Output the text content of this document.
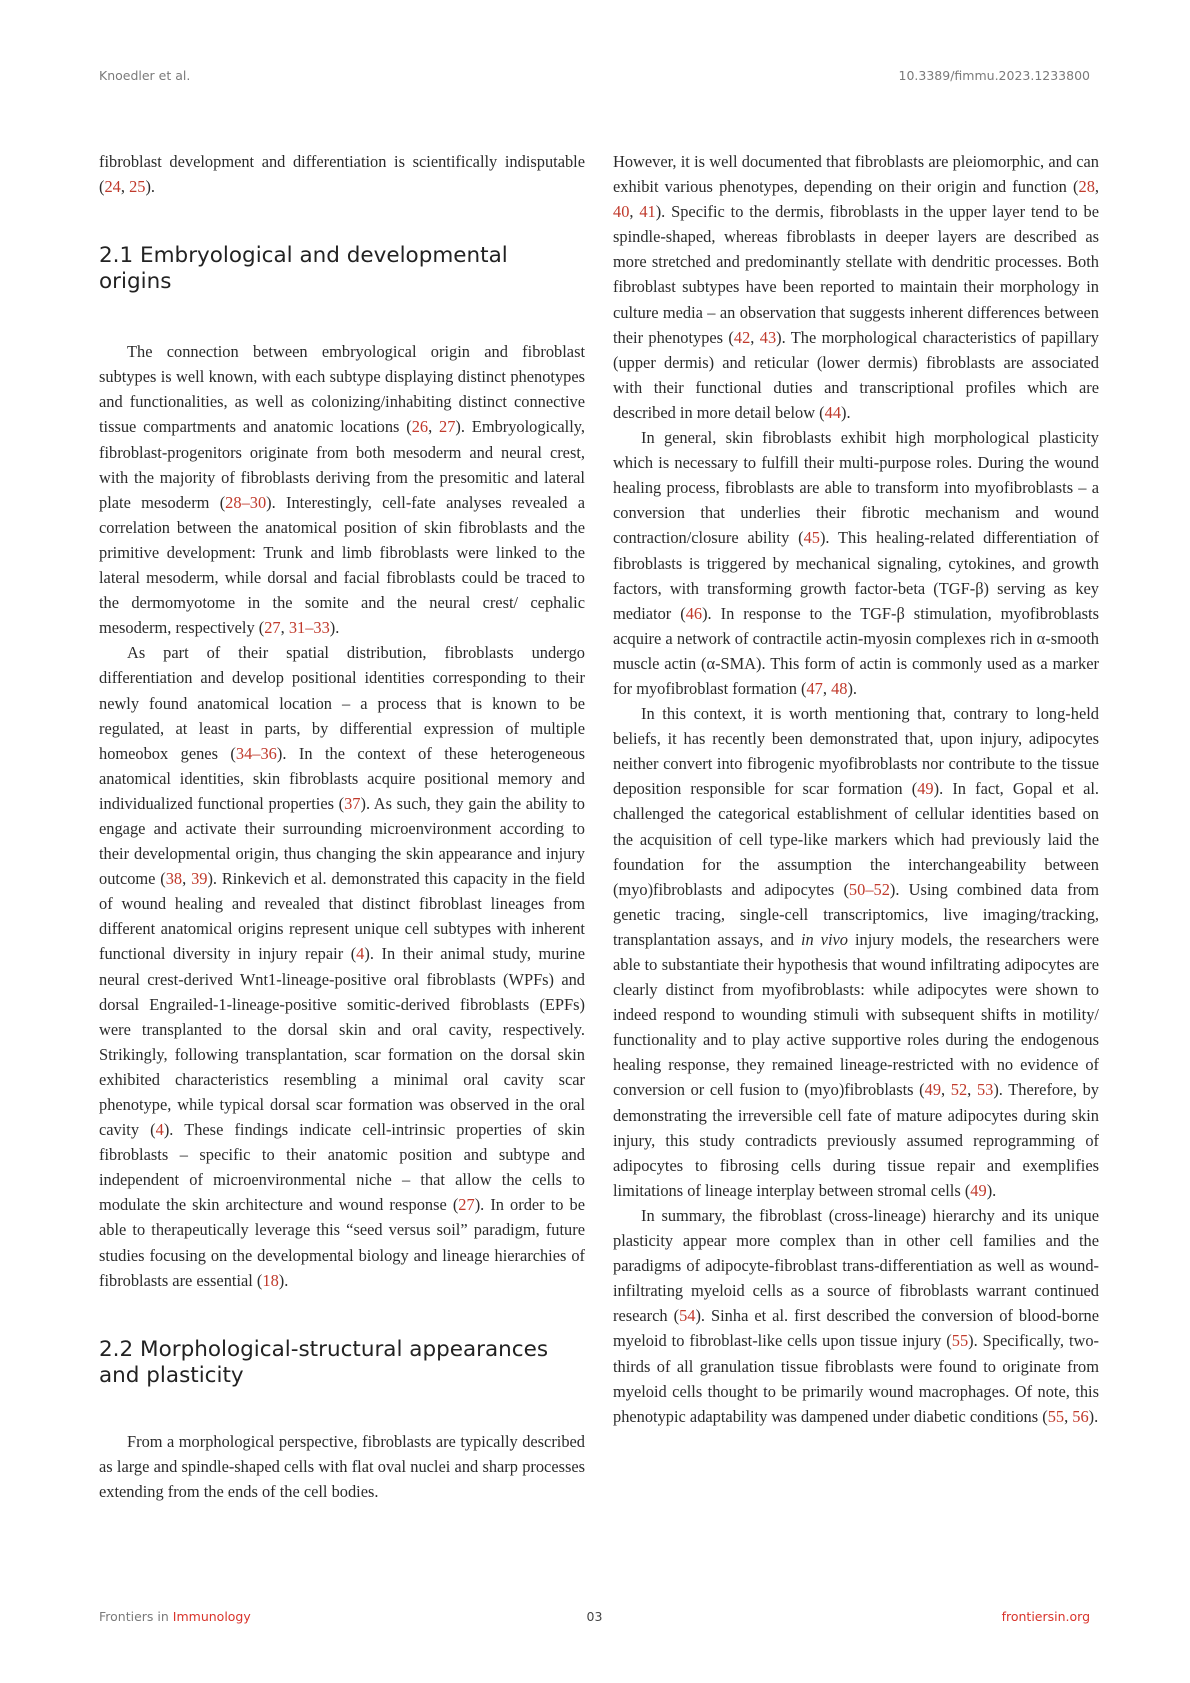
Knoedler et al.	10.3389/fimmu.2023.1233800

fibroblast development and differentiation is scientifically indisputable (24, 25).

2.1 Embryological and developmental origins

The connection between embryological origin and fibroblast subtypes is well known, with each subtype displaying distinct phenotypes and functionalities, as well as colonizing/inhabiting distinct connective tissue compartments and anatomic locations (26, 27). Embryologically, fibroblast-progenitors originate from both mesoderm and neural crest, with the majority of fibroblasts deriving from the presomitic and lateral plate mesoderm (28–30). Interestingly, cell-fate analyses revealed a correlation between the anatomical position of skin fibroblasts and the primitive development: Trunk and limb fibroblasts were linked to the lateral mesoderm, while dorsal and facial fibroblasts could be traced to the dermomyotome in the somite and the neural crest/ cephalic mesoderm, respectively (27, 31–33).

As part of their spatial distribution, fibroblasts undergo differentiation and develop positional identities corresponding to their newly found anatomical location – a process that is known to be regulated, at least in parts, by differential expression of multiple homeobox genes (34–36). In the context of these heterogeneous anatomical identities, skin fibroblasts acquire positional memory and individualized functional properties (37). As such, they gain the ability to engage and activate their surrounding microenvironment according to their developmental origin, thus changing the skin appearance and injury outcome (38, 39). Rinkevich et al. demonstrated this capacity in the field of wound healing and revealed that distinct fibroblast lineages from different anatomical origins represent unique cell subtypes with inherent functional diversity in injury repair (4). In their animal study, murine neural crest-derived Wnt1-lineage-positive oral fibroblasts (WPFs) and dorsal Engrailed-1-lineage-positive somitic-derived fibroblasts (EPFs) were transplanted to the dorsal skin and oral cavity, respectively. Strikingly, following transplantation, scar formation on the dorsal skin exhibited characteristics resembling a minimal oral cavity scar phenotype, while typical dorsal scar formation was observed in the oral cavity (4). These findings indicate cell-intrinsic properties of skin fibroblasts – specific to their anatomic position and subtype and independent of microenvironmental niche – that allow the cells to modulate the skin architecture and wound response (27). In order to be able to therapeutically leverage this “seed versus soil” paradigm, future studies focusing on the developmental biology and lineage hierarchies of fibroblasts are essential (18).

2.2 Morphological-structural appearances and plasticity

From a morphological perspective, fibroblasts are typically described as large and spindle-shaped cells with flat oval nuclei and sharp processes extending from the ends of the cell bodies.

However, it is well documented that fibroblasts are pleiomorphic, and can exhibit various phenotypes, depending on their origin and function (28, 40, 41). Specific to the dermis, fibroblasts in the upper layer tend to be spindle-shaped, whereas fibroblasts in deeper layers are described as more stretched and predominantly stellate with dendritic processes. Both fibroblast subtypes have been reported to maintain their morphology in culture media – an observation that suggests inherent differences between their phenotypes (42, 43). The morphological characteristics of papillary (upper dermis) and reticular (lower dermis) fibroblasts are associated with their functional duties and transcriptional profiles which are described in more detail below (44).

In general, skin fibroblasts exhibit high morphological plasticity which is necessary to fulfill their multi-purpose roles. During the wound healing process, fibroblasts are able to transform into myofibroblasts – a conversion that underlies their fibrotic mechanism and wound contraction/closure ability (45). This healing-related differentiation of fibroblasts is triggered by mechanical signaling, cytokines, and growth factors, with transforming growth factor-beta (TGF-β) serving as key mediator (46). In response to the TGF-β stimulation, myofibroblasts acquire a network of contractile actin-myosin complexes rich in α-smooth muscle actin (α-SMA). This form of actin is commonly used as a marker for myofibroblast formation (47, 48).

In this context, it is worth mentioning that, contrary to long-held beliefs, it has recently been demonstrated that, upon injury, adipocytes neither convert into fibrogenic myofibroblasts nor contribute to the tissue deposition responsible for scar formation (49). In fact, Gopal et al. challenged the categorical establishment of cellular identities based on the acquisition of cell type-like markers which had previously laid the foundation for the assumption the interchangeability between (myo)fibroblasts and adipocytes (50–52). Using combined data from genetic tracing, single-cell transcriptomics, live imaging/tracking, transplantation assays, and in vivo injury models, the researchers were able to substantiate their hypothesis that wound infiltrating adipocytes are clearly distinct from myofibroblasts: while adipocytes were shown to indeed respond to wounding stimuli with subsequent shifts in motility/ functionality and to play active supportive roles during the endogenous healing response, they remained lineage-restricted with no evidence of conversion or cell fusion to (myo)fibroblasts (49, 52, 53). Therefore, by demonstrating the irreversible cell fate of mature adipocytes during skin injury, this study contradicts previously assumed reprogramming of adipocytes to fibrosing cells during tissue repair and exemplifies limitations of lineage interplay between stromal cells (49).

In summary, the fibroblast (cross-lineage) hierarchy and its unique plasticity appear more complex than in other cell families and the paradigms of adipocyte-fibroblast trans-differentiation as well as wound-infiltrating myeloid cells as a source of fibroblasts warrant continued research (54). Sinha et al. first described the conversion of blood-borne myeloid to fibroblast-like cells upon tissue injury (55). Specifically, two-thirds of all granulation tissue fibroblasts were found to originate from myeloid cells thought to be primarily wound macrophages. Of note, this phenotypic adaptability was dampened under diabetic conditions (55, 56).

Frontiers in Immunology	03	frontiersin.org
